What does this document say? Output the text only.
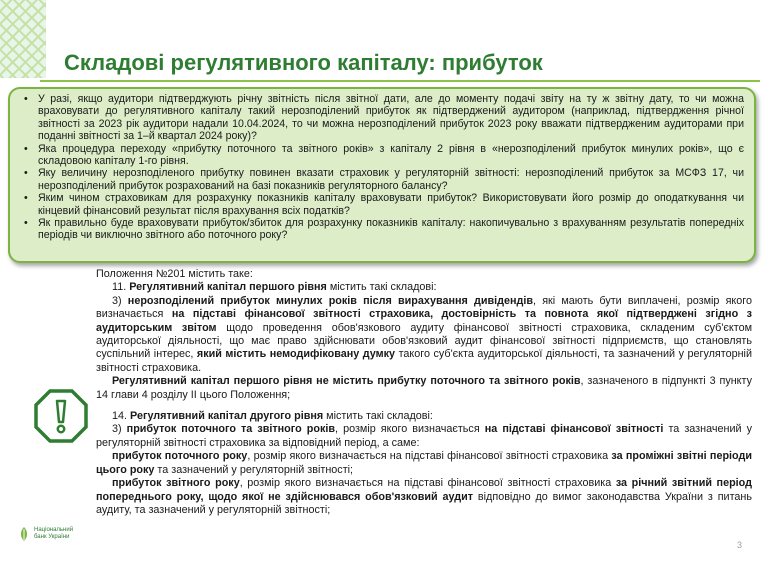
Складові регулятивного капіталу: прибуток
• У разі, якщо аудитори підтверджують річну звітність після звітної дати, але до моменту подачі звіту на ту ж звітну дату, то чи можна враховувати до регулятивного капіталу такий нерозподілений прибуток як підтверджений аудитором (наприклад, підтвердження річної звітності за 2023 рік аудитори надали 10.04.2024, то чи можна нерозподілений прибуток 2023 року вважати підтвердженим аудиторами при поданні звітності за 1–й квартал 2024 року)?
• Яка процедура переходу «прибутку поточного та звітного років» з капіталу 2 рівня в «нерозподілений прибуток минулих років», що є складовою капіталу 1-го рівня.
• Яку величину нерозподіленого прибутку повинен вказати страховик у регуляторній звітності: нерозподілений прибуток за МСФЗ 17, чи нерозподілений прибуток розрахований на базі показників регуляторного балансу?
• Яким чином страховикам для розрахунку показників капіталу враховувати прибуток? Використовувати його розмір до оподаткування чи кінцевий фінансовий результат після врахування всіх податків?
• Як правильно буде враховувати прибуток/збиток для розрахунку показників капіталу: накопичувально з врахуванням результатів попередніх періодів чи виключно звітного або поточного року?

Положення №201 містить таке:

11. Регулятивний капітал першого рівня містить такі складові:

3) нерозподілений прибуток минулих років після вирахування дивідендів, які мають бути виплачені, розмір якого визначається на підставі фінансової звітності страховика, достовірність та повнота якої підтверджені згідно з аудиторським звітом щодо проведення обов'язкового аудиту фінансової звітності страховика, складеним суб'єктом аудиторської діяльності, що має право здійснювати обов'язковий аудит фінансової звітності підприємств, що становлять суспільний інтерес, який містить немодифіковану думку такого суб'єкта аудиторської діяльності, та зазначений у регуляторній звітності страховика.

Регулятивний капітал першого рівня не містить прибутку поточного та звітного років, зазначеного в підпункті 3 пункту 14 глави 4 розділу II цього Положення;

14. Регулятивний капітал другого рівня містить такі складові:

3) прибуток поточного та звітного років, розмір якого визначається на підставі фінансової звітності та зазначений у регуляторній звітності страховика за відповідний період, а саме:

прибуток поточного року, розмір якого визначається на підставі фінансової звітності страховика за проміжні звітні періоди цього року та зазначений у регуляторній звітності;

прибуток звітного року, розмір якого визначається на підставі фінансової звітності страховика за річний звітний період попереднього року, щодо якої не здійснювався обов'язковий аудит відповідно до вимог законодавства України з питань аудиту, та зазначений у регуляторній звітності;

Національний
банк України
3
